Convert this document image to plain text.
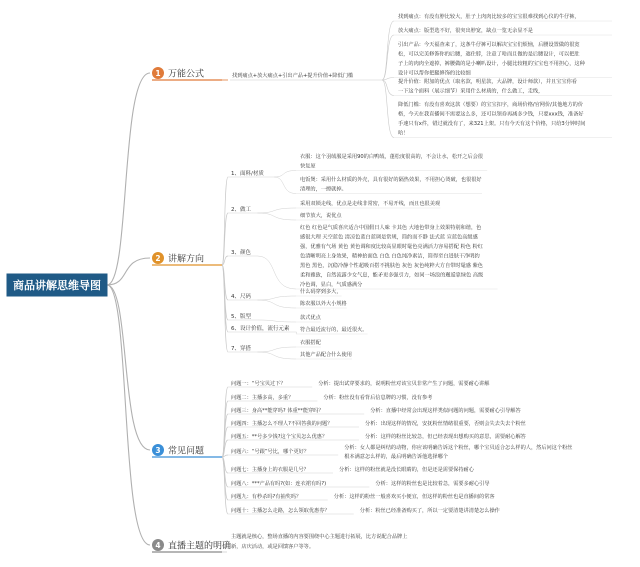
商品讲解思维导图
1 万能公式
2 讲解方向
3 常见问题
4 直播主题的明确
找到痛点+放大痛点+引出产品+提升价值+降低门槛
找到痛点：有没有脖比较大，肚子上肉肉比较多的宝宝很难找到心仪的牛仔裤，
放大痛点：版型选不好，很突出脖宽，缺点一览无余显不是
引出产品：今天福查来了，这条牛仔裤可以解决宝宝们烦恼，后腰设置做的很宽
松，可以完美修饰你的后腰，遮住脖，注意了哈而且做的是后腰设计，可以把肚
子上的肉肉全遮掉，裤腰做的是小喇叭设计，小腿比较粗的宝宝也不用担心，这种
设计可以帮你把腿修饰的比较细
提升价值：附加的优点（取名款，明星款，大品牌，设计师款），并且宝宝你看
一下这个面料（展示细节）采用什么材质的，什么做工，走线，
降低门槛：有没有喜欢这款（想要）的宝宝扣字，商场价格/官网价/其他地方的价
格，今天在我直播间不需要这么多，还可以领券再减多少钱，只要xxx钱，准备好
手速只有x件，错过就没有了，来321上架。只有今天有这个价格，只给3分钟时间
哈！
1、面料/材质
衣服：这个羽绒服是采用90的白鸭绒，蓬松度很高的，不会让水，松开之后会很
快复原
电饭煲：采用什么材质的外壳，具有很好的隔热效果，不用担心烫破，也很很好
清理的，一擦就掉。
2、做工
采用双锁走线，优点是走线非常密，不易开线，而且也很美观
细节放大，说优点
3、颜色
红色 红色是气质喜庆适合中国假日人味 卡其色 大地色带身上效果特别和谐，色
感很大理 天空蓝色 清凉色蓝白蓝调是常规，简约而不静 法式蓝 宣蓝色高级感
强，优雅有气场 黄色 黄色调和度比较高显眼时髦色亮满活力容易搭配 粉色 粉红
色清晰明亮上身效果，精神抬面色 白色 白色纯净素洁，简得至白进肤干净明约
黑色 黑色，沉稳冷静个性超吸百搭不挑肤色 灰色 灰色纯粹大方自带时髦感 紫色
柔和雅致，自然流露少女气息，能矛更多强引力，如同一场浪的邂逅靠绿色 高级
冷色调，显白，气质感满分
4、尺码
什么码穿到多大，
陈农服以外大小规格
5、版型	款式优点
6、设计价值，流行元素 符合最近流行的，最近很火。
7、穿搭
衣服搭配
其他产品配合什么使用
问题一：“号宝贝过下？	分析：提出试穿要求的，说明粉丝对该宝贝非常产生了问题，需要耐心讲解
问题二：主播多高，多重？	分析：粉丝没有看背后信息牌的习惯，没有参考
问题三：身高**能穿吗? 体重**能穿吗？	分析：直播中经常会出现这样类似问题的问题，需要耐心引导解答
问题四：主播怎么不理人?不回答我的问题？	分析：出现这样的情况，安抚粉丝情绪很重要，否则会失去失去个粉丝
问题五：**号多少钱?这个宝贝怎么优惠？	分析：这样的粉丝比较急，但已经表现出想购买的意思，需要耐心解答
问题六：“号跟”号比，哪个更好？
分析：女人都是纠结的动物，你应该明确告诉这个粉丝，哪个宝贝适合怎么样的人，然后问这个粉丝
根本满意怎么样的，最后明确告诉他选择哪个
问题七：主播身上的衣服是几号？	分析：这样的粉丝就是没长眼睛的，但是还是需要保持耐心
问题八：***产品有吗?(如：连衣裙有吗?)	分析：这样的粉丝也是比较着急，需要多耐心引导
问题九：有秒杀吗?有抽奖吗？	分析：这样的粉丝一般喜欢买小便宜，但这样的粉丝也是直播间的常客
问题十：主播怎么走路，怎么领取优惠券？	分析：粉丝已经准备购买了，所以一定要清楚讲清楚怎么操作
主题就是核心，整场直播的内容要围绕中心主题进行拓展，比方说配合品牌上
新，店庆活动，或是回馈客户等等。
